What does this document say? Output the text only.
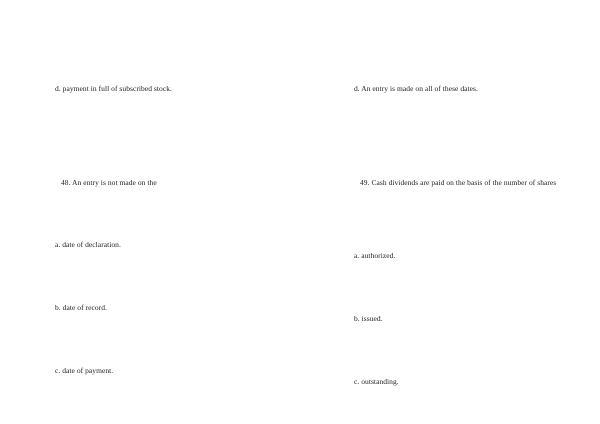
d. payment in full of subscribed stock.
48. An entry is not made on the
a. date of declaration.
b. date of record.
c. date of payment.
d. An entry is made on all of these dates.
49. Cash dividends are paid on the basis of the number of shares
a. authorized.
b. issued.
c. outstanding.
